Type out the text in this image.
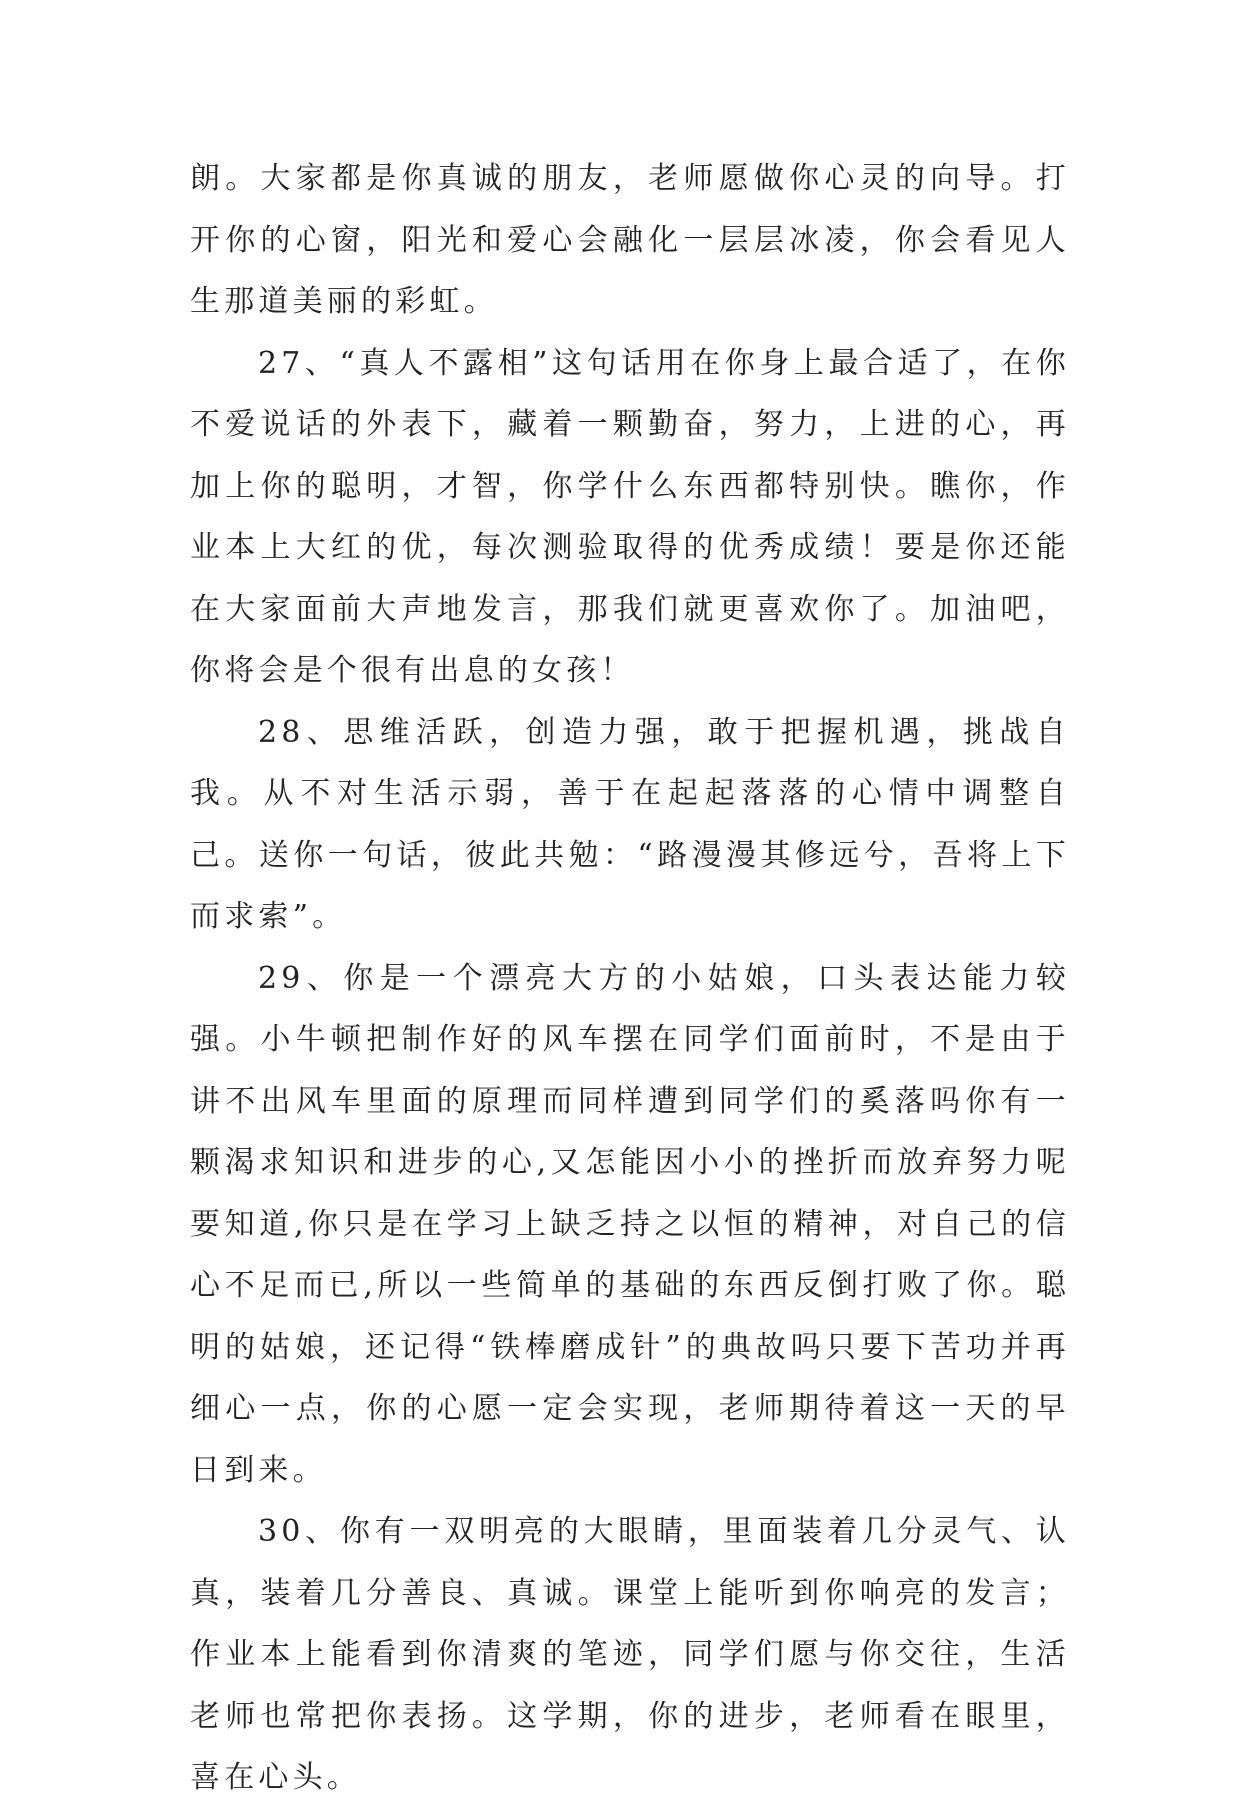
朗。大家都是你真诚的朋友，老师愿做你心灵的向导。打开你的心窗，阳光和爱心会融化一层层冰凌，你会看见人生那道美丽的彩虹。

27、“真人不露相”这句话用在你身上最合适了，在你不爱说话的外表下，藏着一颗勤奋，努力，上进的心，再加上你的聪明，才智，你学什么东西都特别快。瞧你，作业本上大红的优，每次测验取得的优秀成绩！要是你还能在大家面前大声地发言，那我们就更喜欢你了。加油吧，你将会是个很有出息的女孩！

28、思维活跃，创造力强，敢于把握机遇，挑战自我。从不对生活示弱，善于在起起落落的心情中调整自己。送你一句话，彼此共勉：“路漫漫其修远兮，吾将上下而求索”。

29、你是一个漂亮大方的小姑娘，口头表达能力较强。小牛顿把制作好的风车摆在同学们面前时，不是由于讲不出风车里面的原理而同样遭到同学们的奚落吗你有一颗渴求知识和进步的心,又怎能因小小的挫折而放弃努力呢要知道,你只是在学习上缺乏持之以恒的精神，对自己的信心不足而已,所以一些简单的基础的东西反倒打败了你。聪明的姑娘，还记得“铁棒磨成针”的典故吗只要下苦功并再细心一点，你的心愿一定会实现，老师期待着这一天的早日到来。

30、你有一双明亮的大眼睛，里面装着几分灵气、认真，装着几分善良、真诚。课堂上能听到你响亮的发言；作业本上能看到你清爽的笔迹，同学们愿与你交往，生活老师也常把你表扬。这学期，你的进步，老师看在眼里，喜在心头。
